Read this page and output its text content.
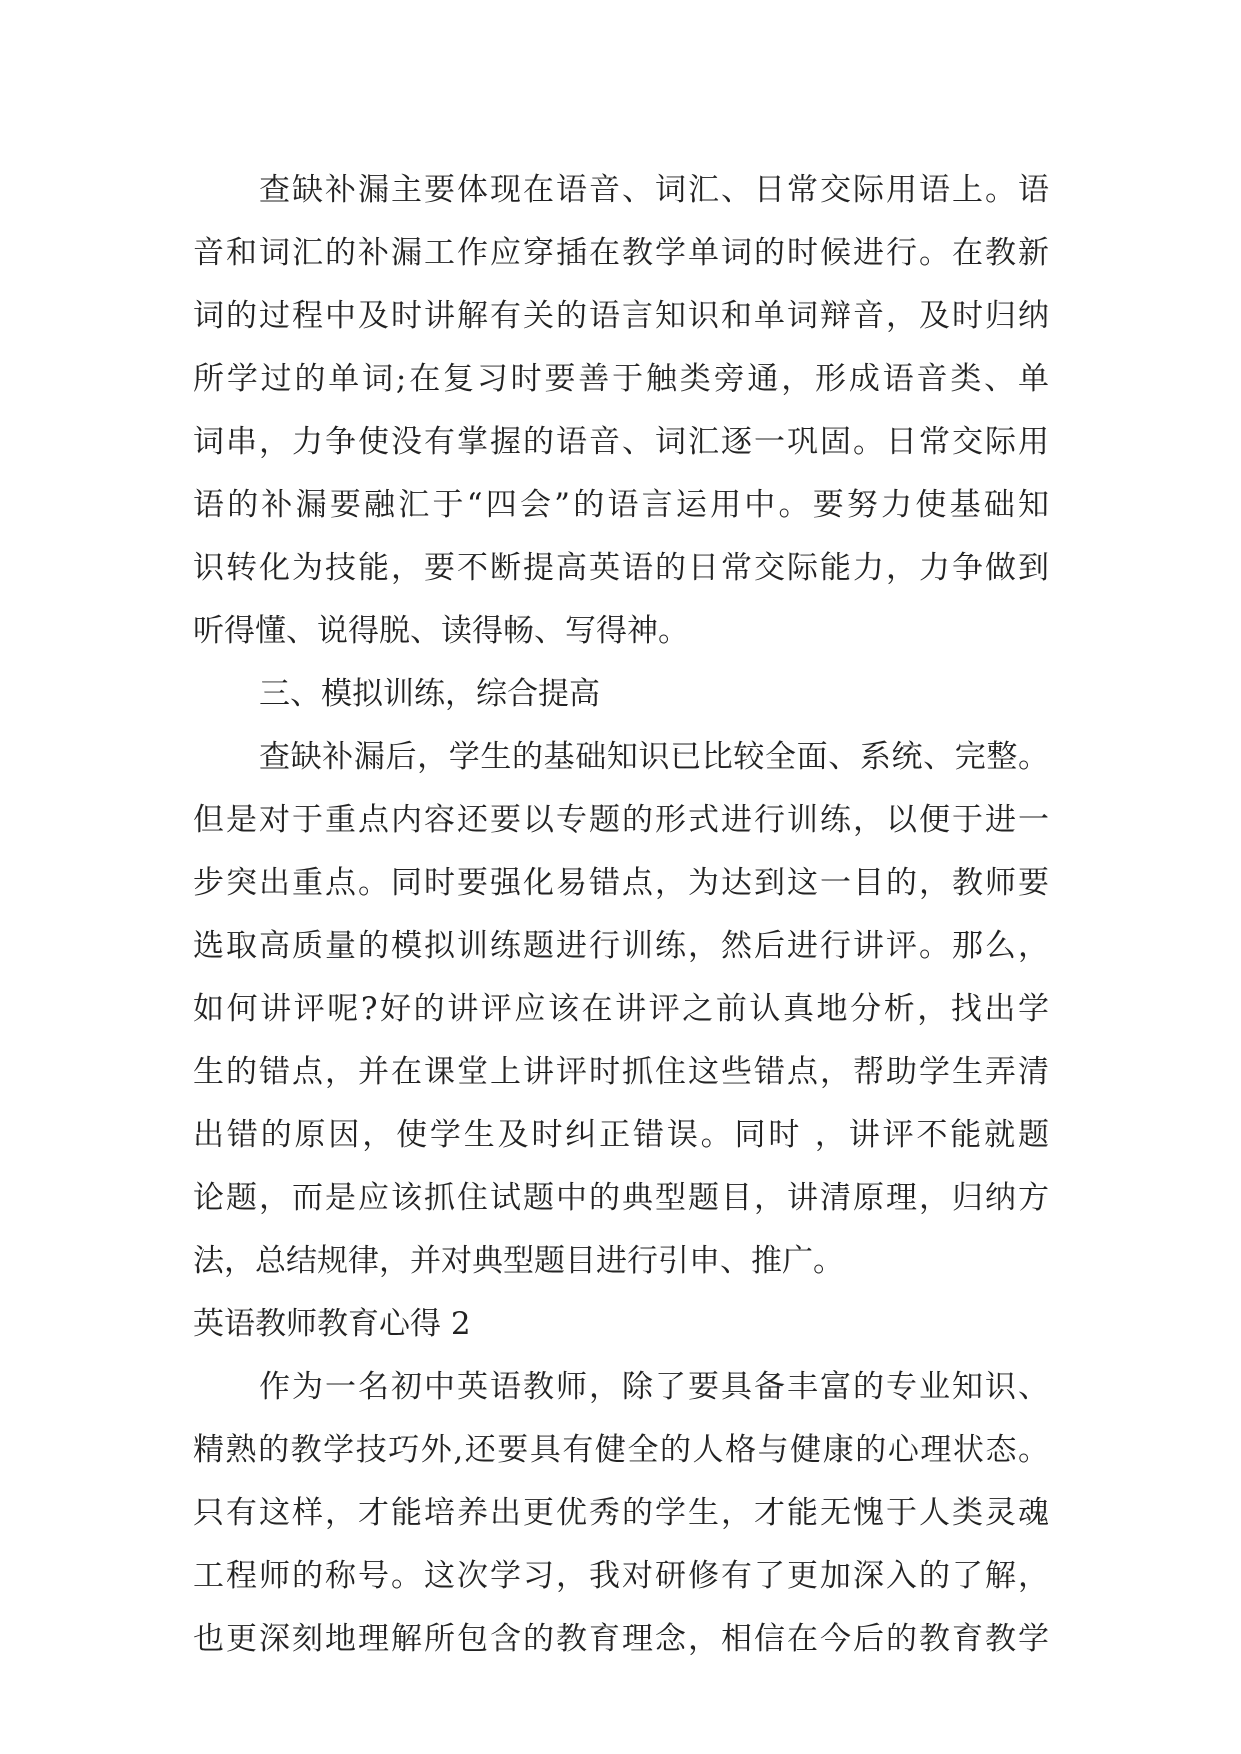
查缺补漏主要体现在语音、词汇、日常交际用语上。语
音和词汇的补漏工作应穿插在教学单词的时候进行。在教新
词的过程中及时讲解有关的语言知识和单词辩音，及时归纳
所学过的单词;在复习时要善于触类旁通，形成语音类、单
词串，力争使没有掌握的语音、词汇逐一巩固。日常交际用
语的补漏要融汇于“四会”的语言运用中。要努力使基础知
识转化为技能，要不断提高英语的日常交际能力，力争做到
听得懂、说得脱、读得畅、写得神。
三、模拟训练，综合提高
查缺补漏后，学生的基础知识已比较全面、系统、完整。
但是对于重点内容还要以专题的形式进行训练，以便于进一
步突出重点。同时要强化易错点，为达到这一目的，教师要
选取高质量的模拟训练题进行训练，然后进行讲评。那么，
如何讲评呢?好的讲评应该在讲评之前认真地分析，找出学
生的错点，并在课堂上讲评时抓住这些错点，帮助学生弄清
出错的原因，使学生及时纠正错误。同时 ，讲评不能就题
论题，而是应该抓住试题中的典型题目，讲清原理，归纳方
法，总结规律，并对典型题目进行引申、推广。
英语教师教育心得 2
作为一名初中英语教师，除了要具备丰富的专业知识、
精熟的教学技巧外,还要具有健全的人格与健康的心理状态。
只有这样，才能培养出更优秀的学生，才能无愧于人类灵魂
工程师的称号。这次学习，我对研修有了更加深入的了解，
也更深刻地理解所包含的教育理念，相信在今后的教育教学
